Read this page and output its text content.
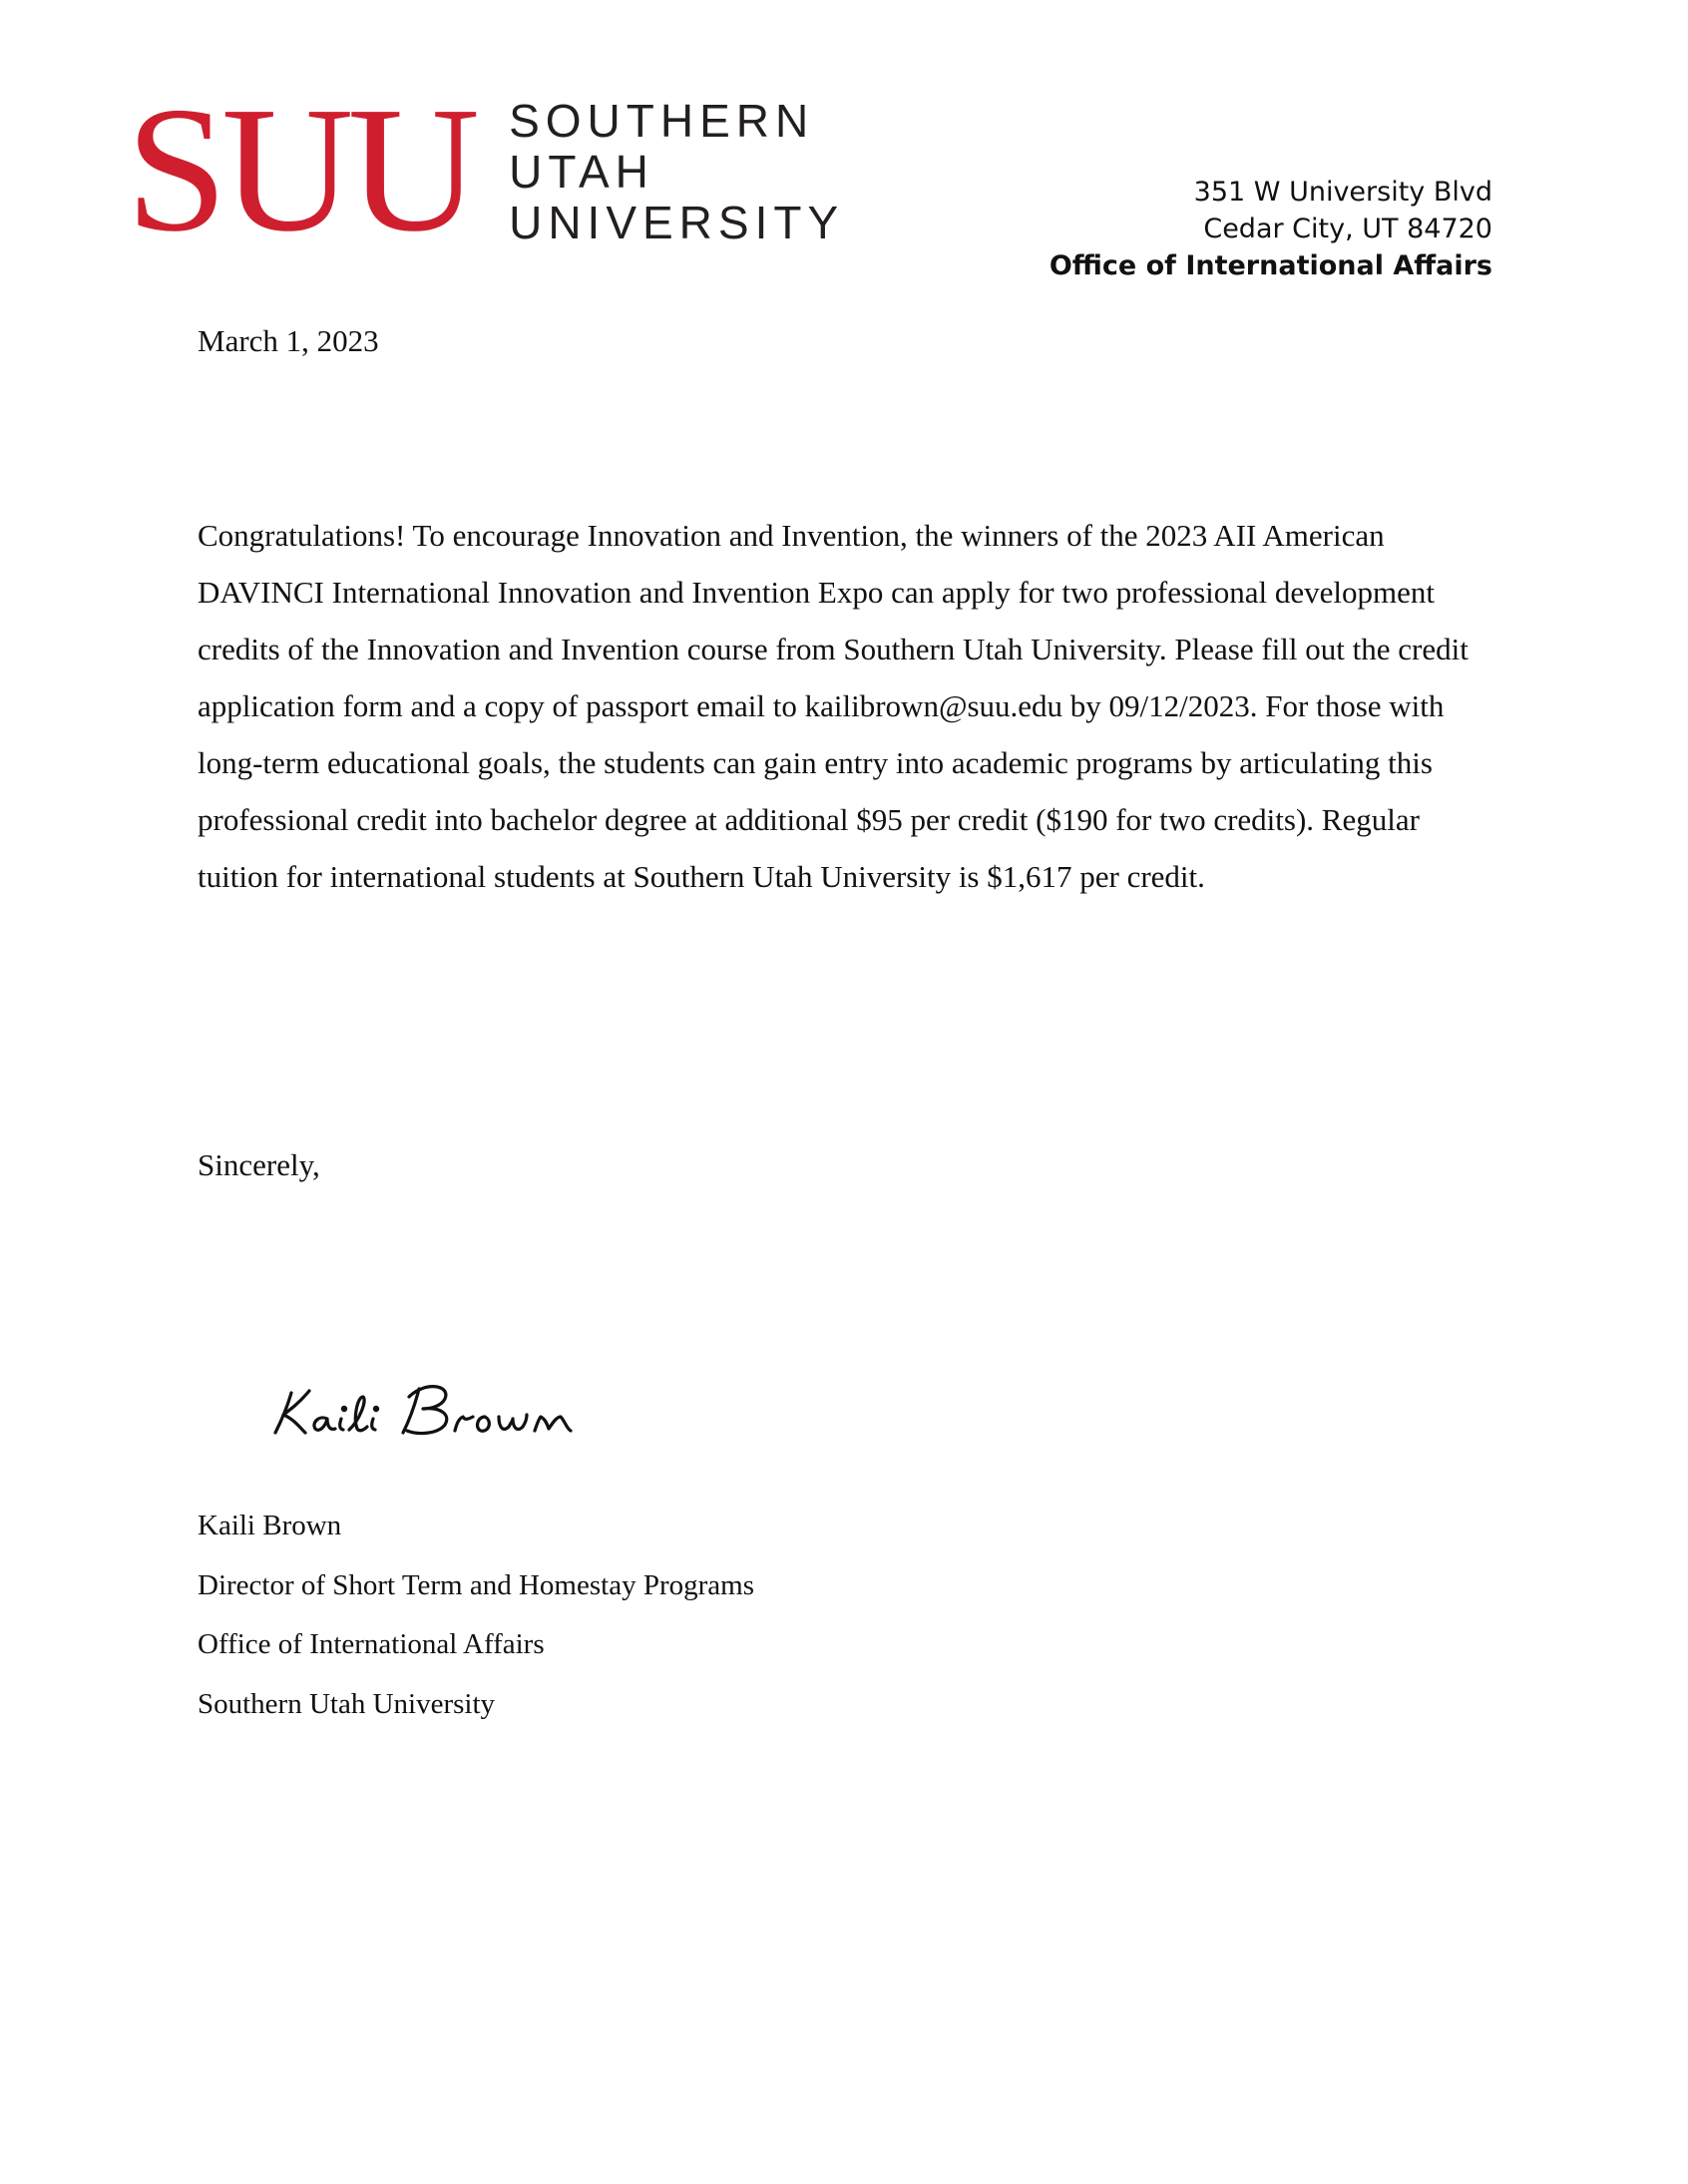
SUU SOUTHERN
UTAH
UNIVERSITY
351 W University Blvd
Cedar City, UT 84720
Office of International Affairs
March 1, 2023
Congratulations! To encourage Innovation and Invention, the winners of the 2023 AII American DAVINCI International Innovation and Invention Expo can apply for two professional development credits of the Innovation and Invention course from Southern Utah University. Please fill out the credit application form and a copy of passport email to kailibrown@suu.edu by 09/12/2023. For those with long-term educational goals, the students can gain entry into academic programs by articulating this professional credit into bachelor degree at additional $95 per credit ($190 for two credits). Regular tuition for international students at Southern Utah University is $1,617 per credit.
Sincerely,
Kaili Brown
Director of Short Term and Homestay Programs
Office of International Affairs
Southern Utah University
